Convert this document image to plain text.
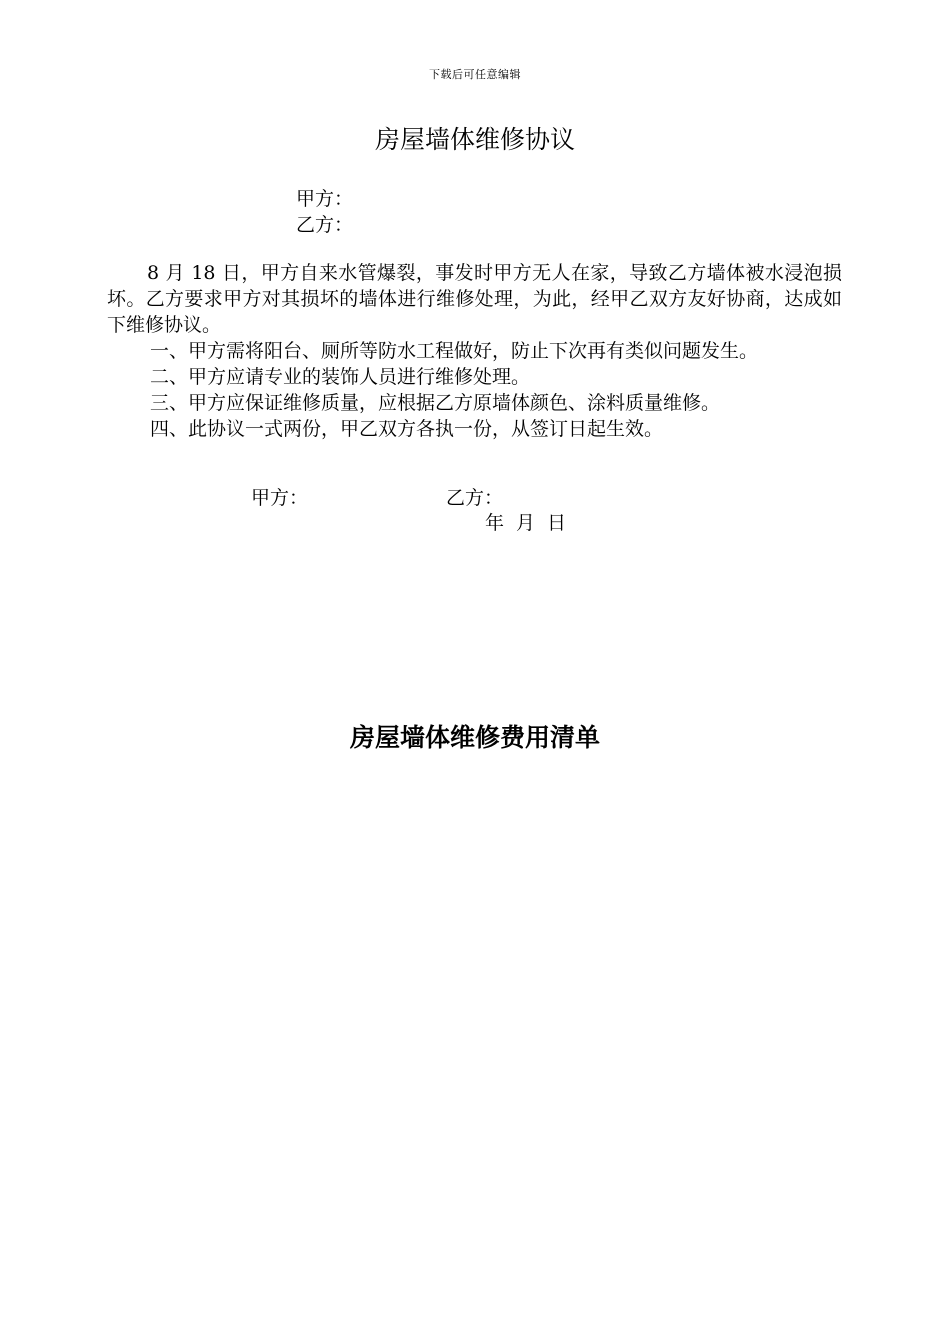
下载后可任意编辑
房屋墙体维修协议
甲方：
乙方：

8 月 18 日，甲方自来水管爆裂，事发时甲方无人在家，导致乙方墙体被水浸泡损坏。乙方要求甲方对其损坏的墙体进行维修处理，为此，经甲乙双方友好协商，达成如下维修协议。

一、甲方需将阳台、厕所等防水工程做好，防止下次再有类似问题发生。

二、甲方应请专业的装饰人员进行维修处理。

三、甲方应保证维修质量，应根据乙方原墙体颜色、涂料质量维修。

四、此协议一式两份，甲乙双方各执一份，从签订日起生效。

甲方：	乙方：
年 月 日
房屋墙体维修费用清单
